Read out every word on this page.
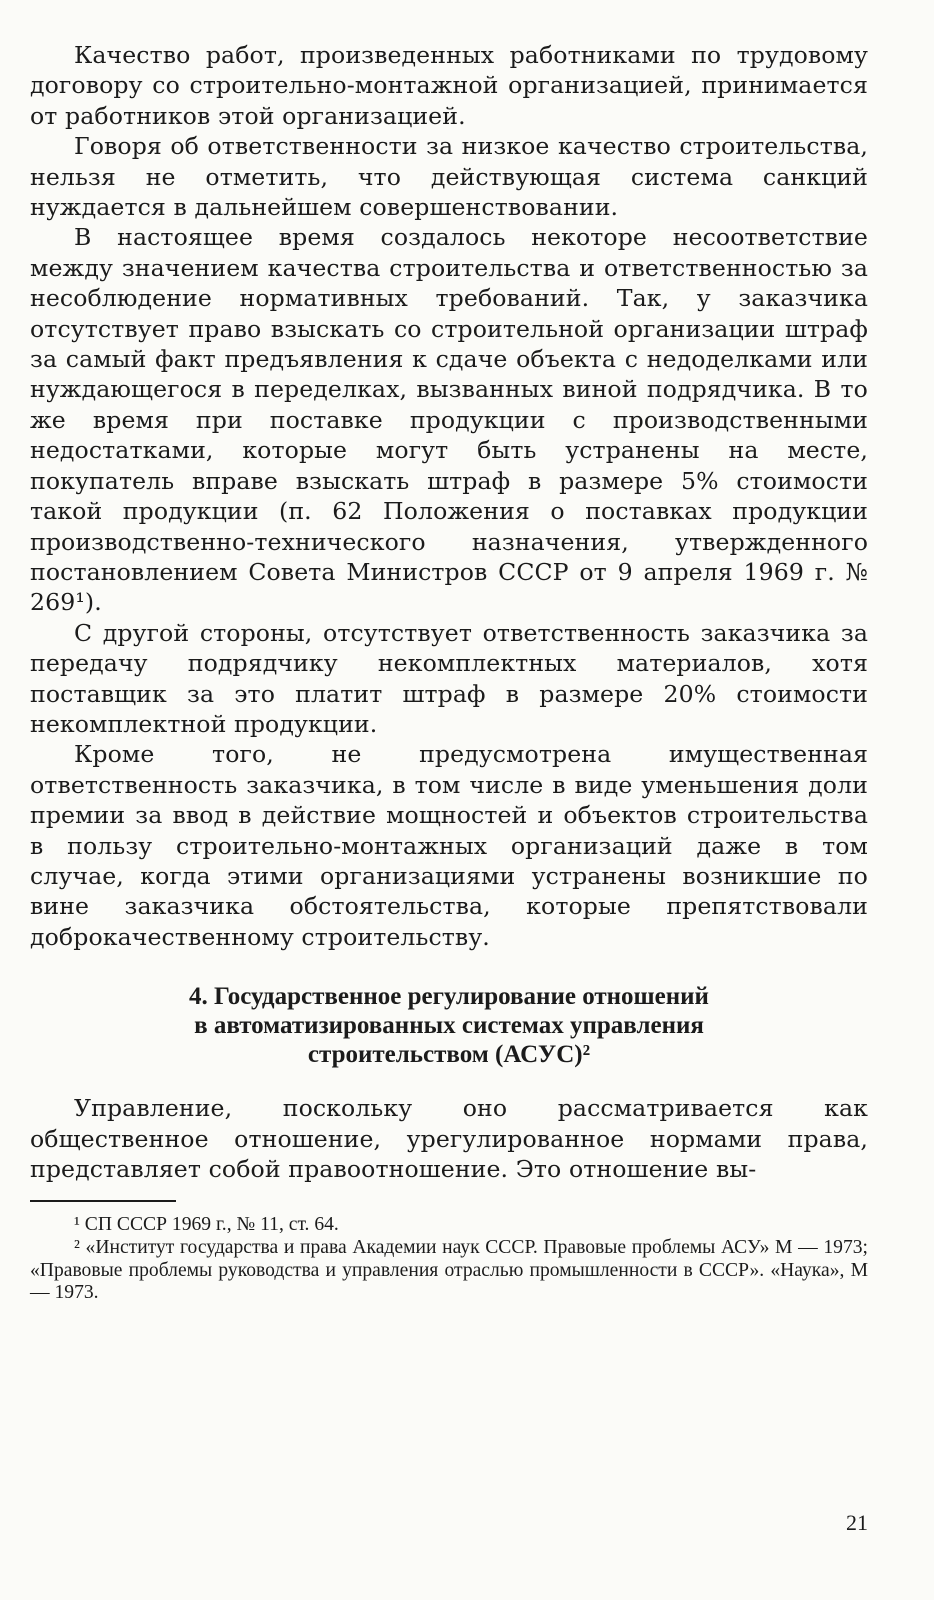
Качество работ, произведенных работниками по трудовому договору со строительно-монтажной организацией, принимается от работников этой организацией.

Говоря об ответственности за низкое качество строительства, нельзя не отметить, что действующая система санкций нуждается в дальнейшем совершенствовании.

В настоящее время создалось некоторе несоответствие между значением качества строительства и ответственностью за несоблюдение нормативных требований. Так, у заказчика отсутствует право взыскать со строительной организации штраф за самый факт предъявления к сдаче объекта с недоделками или нуждающегося в переделках, вызванных виной подрядчика. В то же время при поставке продукции с производственными недостатками, которые могут быть устранены на месте, покупатель вправе взыскать штраф в размере 5% стоимости такой продукции (п. 62 Положения о поставках продукции производственно-технического назначения, утвержденного постановлением Совета Министров СССР от 9 апреля 1969 г. № 269¹).

С другой стороны, отсутствует ответственность заказчика за передачу подрядчику некомплектных материалов, хотя поставщик за это платит штраф в размере 20% стоимости некомплектной продукции.

Кроме того, не предусмотрена имущественная ответственность заказчика, в том числе в виде уменьшения доли премии за ввод в действие мощностей и объектов строительства в пользу строительно-монтажных организаций даже в том случае, когда этими организациями устранены возникшие по вине заказчика обстоятельства, которые препятствовали доброкачественному строительству.

4. Государственное регулирование отношений
в автоматизированных системах управления
строительством (АСУС)²

Управление, поскольку оно рассматривается как общественное отношение, урегулированное нормами права, представляет собой правоотношение. Это отношение вы-

¹ СП СССР 1969 г., № 11, ст. 64.

² «Институт государства и права Академии наук СССР. Правовые проблемы АСУ» М — 1973; «Правовые проблемы руководства и управления отраслью промышленности в СССР». «Наука», М — 1973.

21
